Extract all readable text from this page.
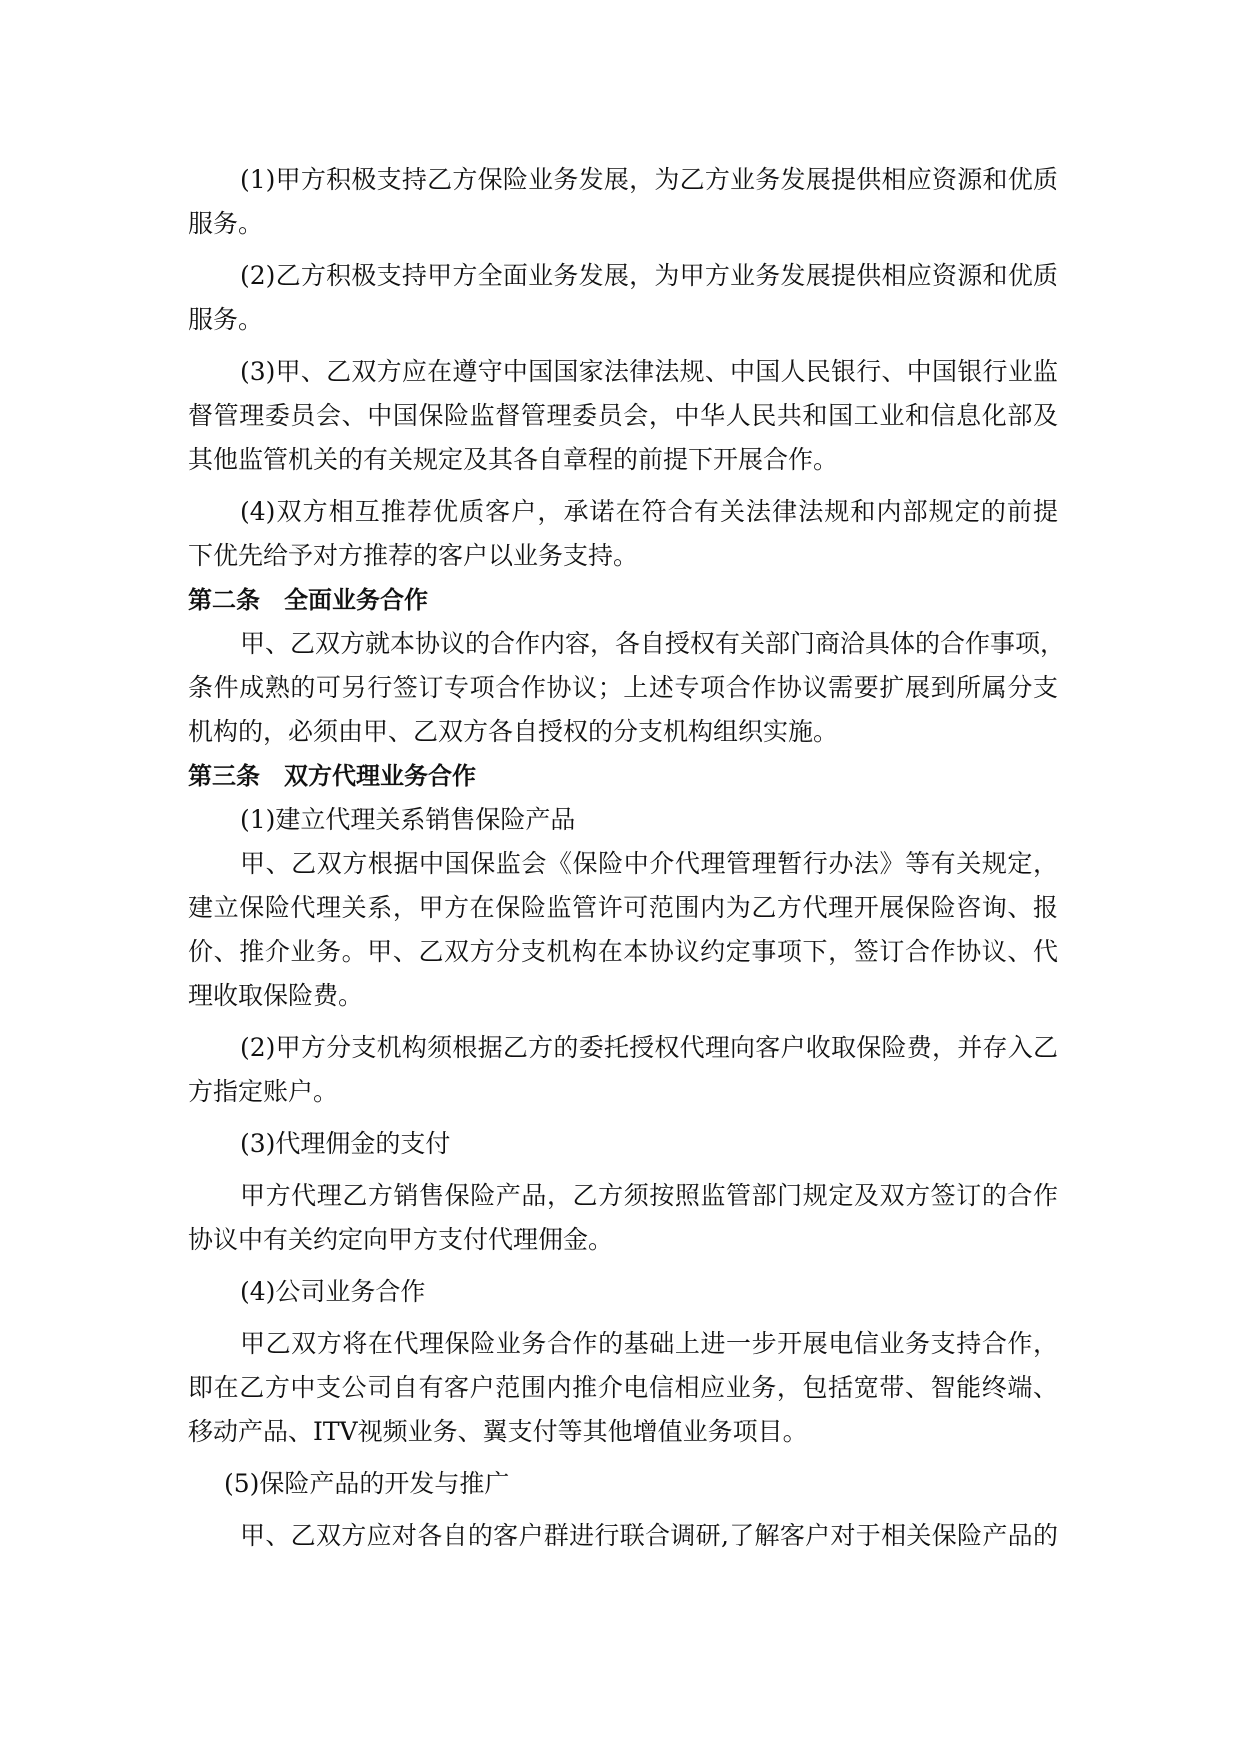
(1)甲方积极支持乙方保险业务发展，为乙方业务发展提供相应资源和优质
服务。
(2)乙方积极支持甲方全面业务发展，为甲方业务发展提供相应资源和优质
服务。
(3)甲、乙双方应在遵守中国国家法律法规、中国人民银行、中国银行业监
督管理委员会、中国保险监督管理委员会，中华人民共和国工业和信息化部及
其他监管机关的有关规定及其各自章程的前提下开展合作。
(4)双方相互推荐优质客户，承诺在符合有关法律法规和内部规定的前提
下优先给予对方推荐的客户以业务支持。
第二条 全面业务合作
甲、乙双方就本协议的合作内容，各自授权有关部门商洽具体的合作事项，
条件成熟的可另行签订专项合作协议；上述专项合作协议需要扩展到所属分支
机构的，必须由甲、乙双方各自授权的分支机构组织实施。
第三条 双方代理业务合作
(1)建立代理关系销售保险产品
甲、乙双方根据中国保监会《保险中介代理管理暂行办法》等有关规定，
建立保险代理关系，甲方在保险监管许可范围内为乙方代理开展保险咨询、报
价、推介业务。甲、乙双方分支机构在本协议约定事项下，签订合作协议、代
理收取保险费。
(2)甲方分支机构须根据乙方的委托授权代理向客户收取保险费，并存入乙
方指定账户。
(3)代理佣金的支付
甲方代理乙方销售保险产品，乙方须按照监管部门规定及双方签订的合作
协议中有关约定向甲方支付代理佣金。
(4)公司业务合作
甲乙双方将在代理保险业务合作的基础上进一步开展电信业务支持合作，
即在乙方中支公司自有客户范围内推介电信相应业务，包括宽带、智能终端、
移动产品、ITV视频业务、翼支付等其他增值业务项目。
(5)保险产品的开发与推广
甲、乙双方应对各自的客户群进行联合调研,了解客户对于相关保险产品的
